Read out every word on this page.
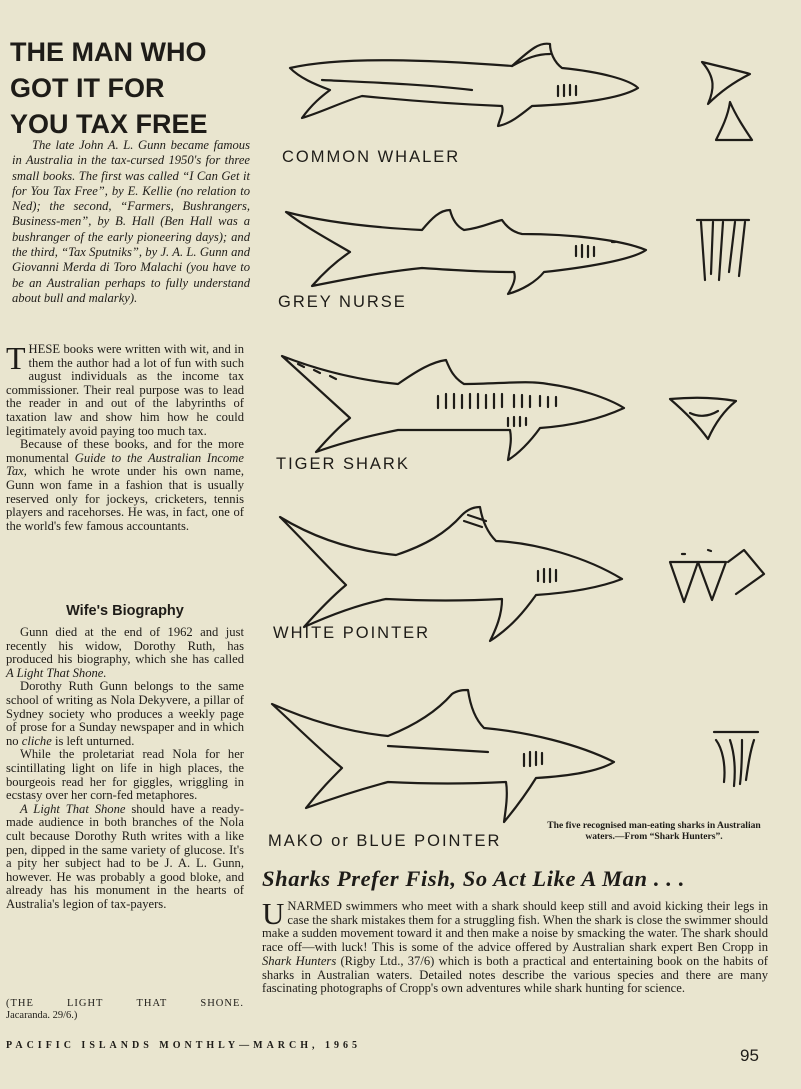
THE MAN WHO
GOT IT FOR
YOU TAX FREE

The late John A. L. Gunn became famous in Australia in the tax-cursed 1950's for three small books. The first was called “I Can Get it for You Tax Free”, by E. Kellie (no relation to Ned); the second, “Farmers, Bushrangers, Business-men”, by B. Hall (Ben Hall was a bushranger of the early pioneering days); and the third, “Tax Sputniks”, by J. A. L. Gunn and Giovanni Merda di Toro Malachi (you have to be an Australian perhaps to fully understand about bull and malarky).

THESE books were written with wit, and in them the author had a lot of fun with such august individuals as the income tax commissioner. Their real purpose was to lead the reader in and out of the labyrinths of taxation law and show him how he could legitimately avoid paying too much tax.

Because of these books, and for the more monumental Guide to the Australian Income Tax, which he wrote under his own name, Gunn won fame in a fashion that is usually reserved only for jockeys, cricketers, tennis players and racehorses. He was, in fact, one of the world's few famous accountants.

Wife's Biography

Gunn died at the end of 1962 and just recently his widow, Dorothy Ruth, has produced his biography, which she has called A Light That Shone.

Dorothy Ruth Gunn belongs to the same school of writing as Nola Dekyvere, a pillar of Sydney society who produces a weekly page of prose for a Sunday newspaper and in which no cliche is left unturned.

While the proletariat read Nola for her scintillating light on life in high places, the bourgeois read her for giggles, wriggling in ecstasy over her corn-fed metaphores.

A Light That Shone should have a ready-made audience in both branches of the Nola cult because Dorothy Ruth writes with a like pen, dipped in the same variety of glucose. It's a pity her subject had to be J. A. L. Gunn, however. He was probably a good bloke, and already has his monument in the hearts of Australia's legion of tax-payers.

(THE	LIGHT	THAT	SHONE.
Jacaranda. 29/6.)

COMMON WHALER

GREY NURSE

TIGER SHARK

WHITE POINTER

MAKO or BLUE POINTER

The five recognised man-eating sharks in Australian waters.—From “Shark Hunters”.

Sharks Prefer Fish, So Act Like A Man . . .

UNARMED swimmers who meet with a shark should keep still and avoid kicking their legs in case the shark mistakes them for a struggling fish. When the shark is close the swimmer should make a sudden movement toward it and then make a noise by smacking the water. The shark should race off—with luck! This is some of the advice offered by Australian shark expert Ben Cropp in Shark Hunters (Rigby Ltd., 37/6) which is both a practical and entertaining book on the habits of sharks in Australian waters. Detailed notes describe the various species and there are many fascinating photographs of Cropp's own adventures while shark hunting for science.

PACIFIC ISLANDS MONTHLY—MARCH, 1965
95
